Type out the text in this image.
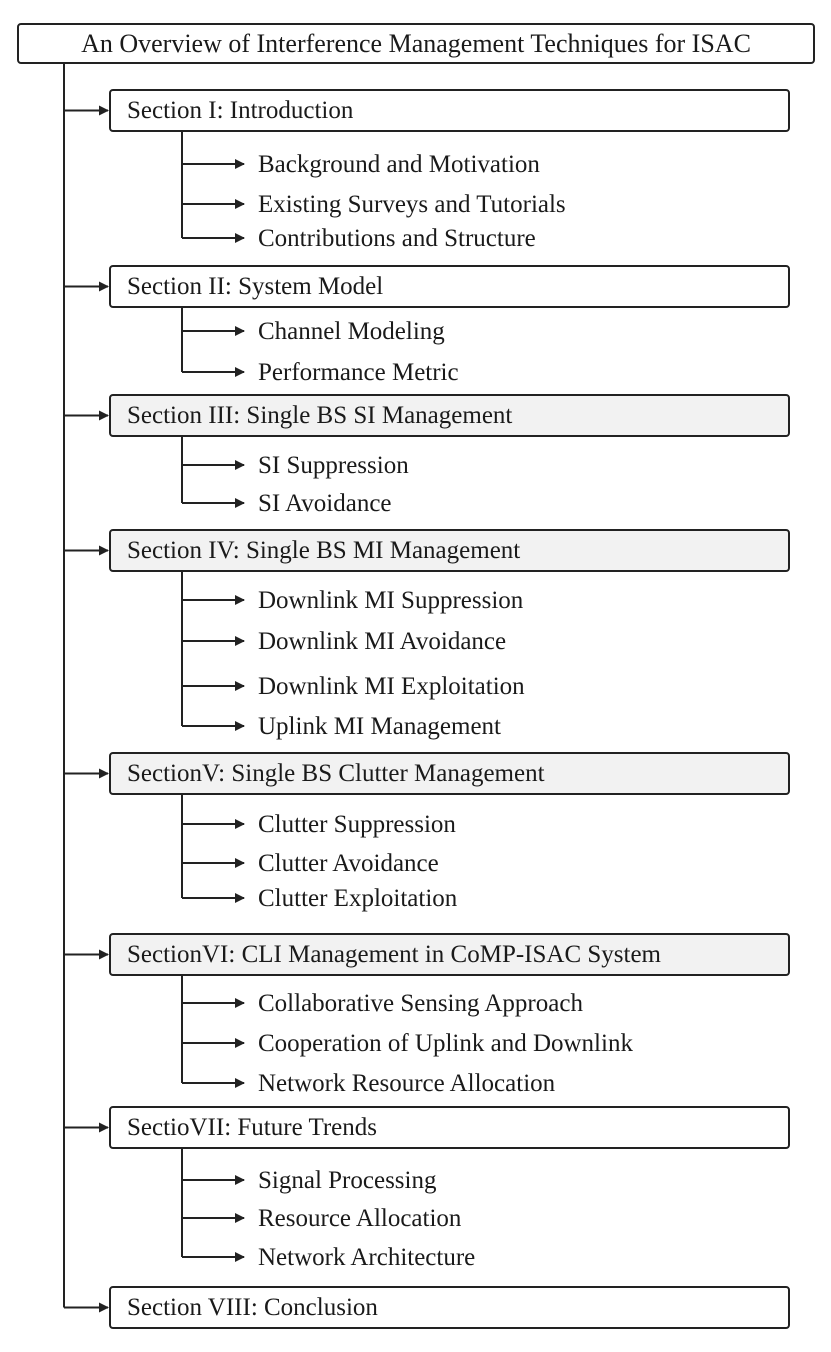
An Overview of Interference Management Techniques for ISAC
Section I: Introduction
Background and Motivation
Existing Surveys and Tutorials
Contributions and Structure
Section II: System Model
Channel Modeling
Performance Metric
Section III: Single BS SI Management
SI Suppression
SI Avoidance
Section IV: Single BS MI Management
Downlink MI Suppression
Downlink MI Avoidance
Downlink MI Exploitation
Uplink MI Management
SectionV: Single BS Clutter Management
Clutter Suppression
Clutter Avoidance
Clutter Exploitation
SectionVI: CLI Management in CoMP-ISAC System
Collaborative Sensing Approach
Cooperation of Uplink and Downlink
Network Resource Allocation
SectioVII: Future Trends
Signal Processing
Resource Allocation
Network Architecture
Section VIII: Conclusion
